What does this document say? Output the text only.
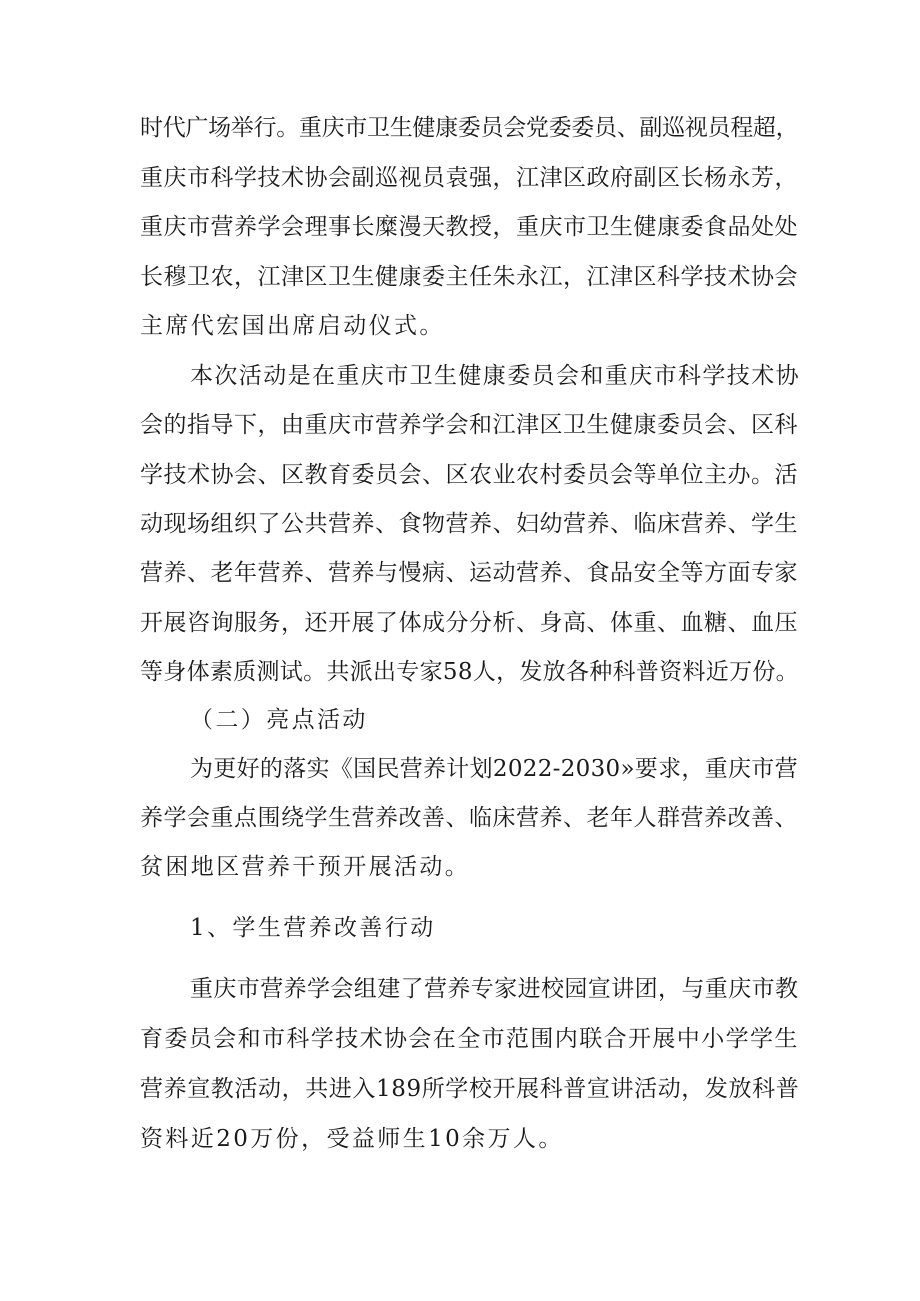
时代广场举行。重庆市卫生健康委员会党委委员、副巡视员程超，
重庆市科学技术协会副巡视员袁强，江津区政府副区长杨永芳，
重庆市营养学会理事长糜漫天教授，重庆市卫生健康委食品处处
长穆卫农，江津区卫生健康委主任朱永江，江津区科学技术协会
主席代宏国出席启动仪式。
本次活动是在重庆市卫生健康委员会和重庆市科学技术协
会的指导下，由重庆市营养学会和江津区卫生健康委员会、区科
学技术协会、区教育委员会、区农业农村委员会等单位主办。活
动现场组织了公共营养、食物营养、妇幼营养、临床营养、学生
营养、老年营养、营养与慢病、运动营养、食品安全等方面专家
开展咨询服务，还开展了体成分分析、身高、体重、血糖、血压
等身体素质测试。共派出专家58人，发放各种科普资料近万份。
（二）亮点活动
为更好的落实《国民营养计划2022-2030»要求，重庆市营
养学会重点围绕学生营养改善、临床营养、老年人群营养改善、
贫困地区营养干预开展活动。
1、学生营养改善行动
重庆市营养学会组建了营养专家进校园宣讲团，与重庆市教
育委员会和市科学技术协会在全市范围内联合开展中小学学生
营养宣教活动，共进入189所学校开展科普宣讲活动，发放科普
资料近20万份，受益师生10余万人。
